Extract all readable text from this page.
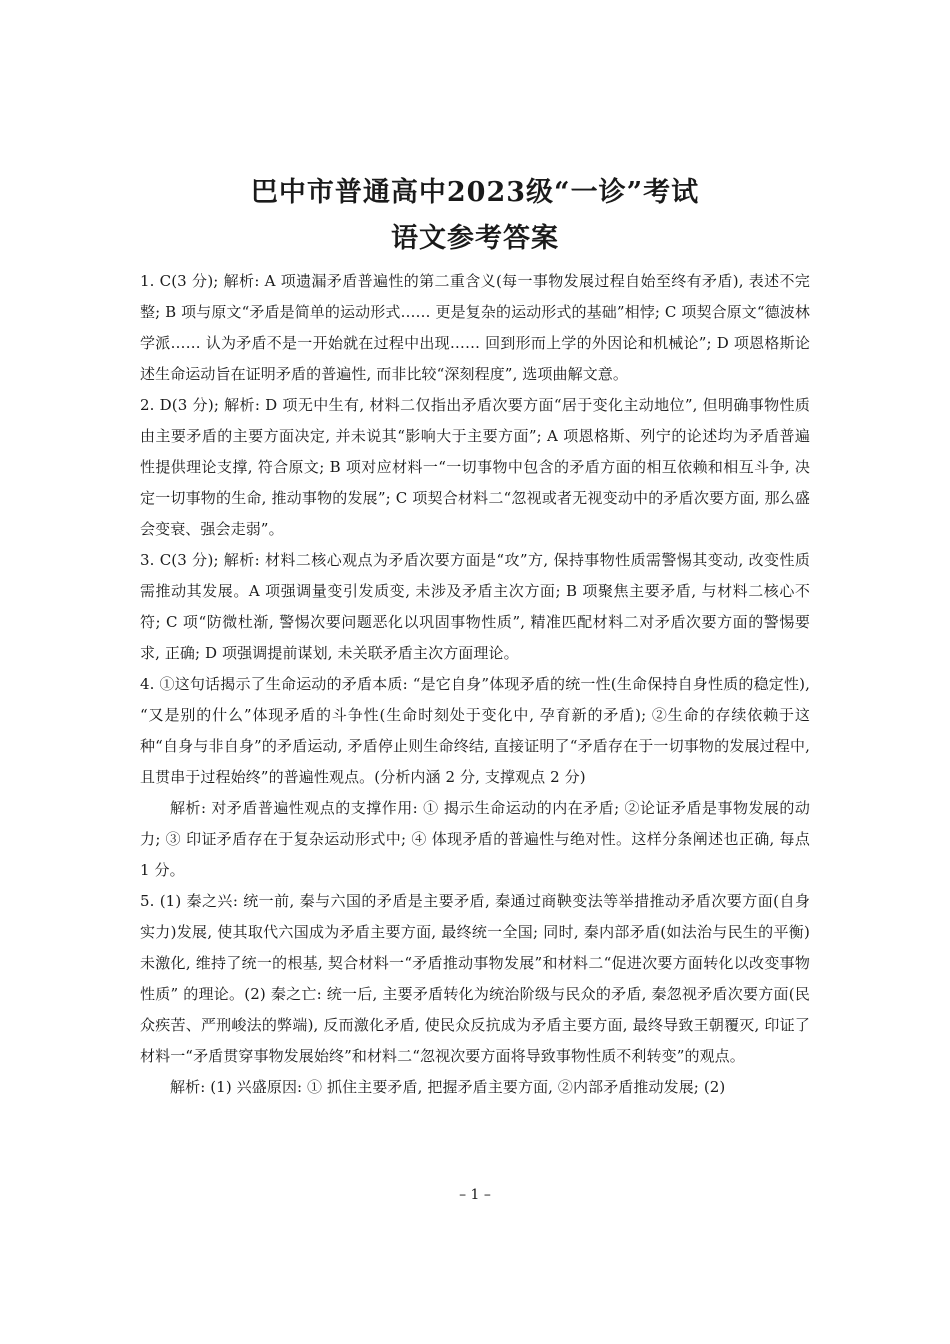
巴中市普通高中2023级“一诊”考试
语文参考答案

1. C(3 分); 解析: A 项遗漏矛盾普遍性的第二重含义(每一事物发展过程自始至终有矛盾), 表述不完整; B 项与原文“矛盾是简单的运动形式…… 更是复杂的运动形式的基础”相悖; C 项契合原文“德波林学派…… 认为矛盾不是一开始就在过程中出现…… 回到形而上学的外因论和机械论”; D 项恩格斯论述生命运动旨在证明矛盾的普遍性, 而非比较“深刻程度”, 选项曲解文意。

2. D(3 分); 解析: D 项无中生有, 材料二仅指出矛盾次要方面“居于变化主动地位”, 但明确事物性质由主要矛盾的主要方面决定, 并未说其“影响大于主要方面”; A 项恩格斯、列宁的论述均为矛盾普遍性提供理论支撑, 符合原文; B 项对应材料一“一切事物中包含的矛盾方面的相互依赖和相互斗争, 决定一切事物的生命, 推动事物的发展”; C 项契合材料二“忽视或者无视变动中的矛盾次要方面, 那么盛会变衰、强会走弱”。

3. C(3 分); 解析: 材料二核心观点为矛盾次要方面是“攻”方, 保持事物性质需警惕其变动, 改变性质需推动其发展。A 项强调量变引发质变, 未涉及矛盾主次方面; B 项聚焦主要矛盾, 与材料二核心不符; C 项“防微杜渐, 警惕次要问题恶化以巩固事物性质”, 精准匹配材料二对矛盾次要方面的警惕要求, 正确; D 项强调提前谋划, 未关联矛盾主次方面理论。

4. ①这句话揭示了生命运动的矛盾本质: “是它自身”体现矛盾的统一性(生命保持自身性质的稳定性), “又是别的什么”体现矛盾的斗争性(生命时刻处于变化中, 孕育新的矛盾); ②生命的存续依赖于这种“自身与非自身”的矛盾运动, 矛盾停止则生命终结, 直接证明了“矛盾存在于一切事物的发展过程中, 且贯串于过程始终”的普遍性观点。(分析内涵 2 分, 支撑观点 2 分)

解析: 对矛盾普遍性观点的支撑作用: ① 揭示生命运动的内在矛盾; ②论证矛盾是事物发展的动力; ③ 印证矛盾存在于复杂运动形式中; ④ 体现矛盾的普遍性与绝对性。这样分条阐述也正确, 每点 1 分。

5. (1) 秦之兴: 统一前, 秦与六国的矛盾是主要矛盾, 秦通过商鞅变法等举措推动矛盾次要方面(自身实力)发展, 使其取代六国成为矛盾主要方面, 最终统一全国; 同时, 秦内部矛盾(如法治与民生的平衡)未激化, 维持了统一的根基, 契合材料一“矛盾推动事物发展”和材料二“促进次要方面转化以改变事物性质” 的理论。(2) 秦之亡: 统一后, 主要矛盾转化为统治阶级与民众的矛盾, 秦忽视矛盾次要方面(民众疾苦、严刑峻法的弊端), 反而激化矛盾, 使民众反抗成为矛盾主要方面, 最终导致王朝覆灭, 印证了材料一“矛盾贯穿事物发展始终”和材料二“忽视次要方面将导致事物性质不利转变”的观点。

解析: (1) 兴盛原因: ① 抓住主要矛盾, 把握矛盾主要方面, ②内部矛盾推动发展; (2)

– 1 –
